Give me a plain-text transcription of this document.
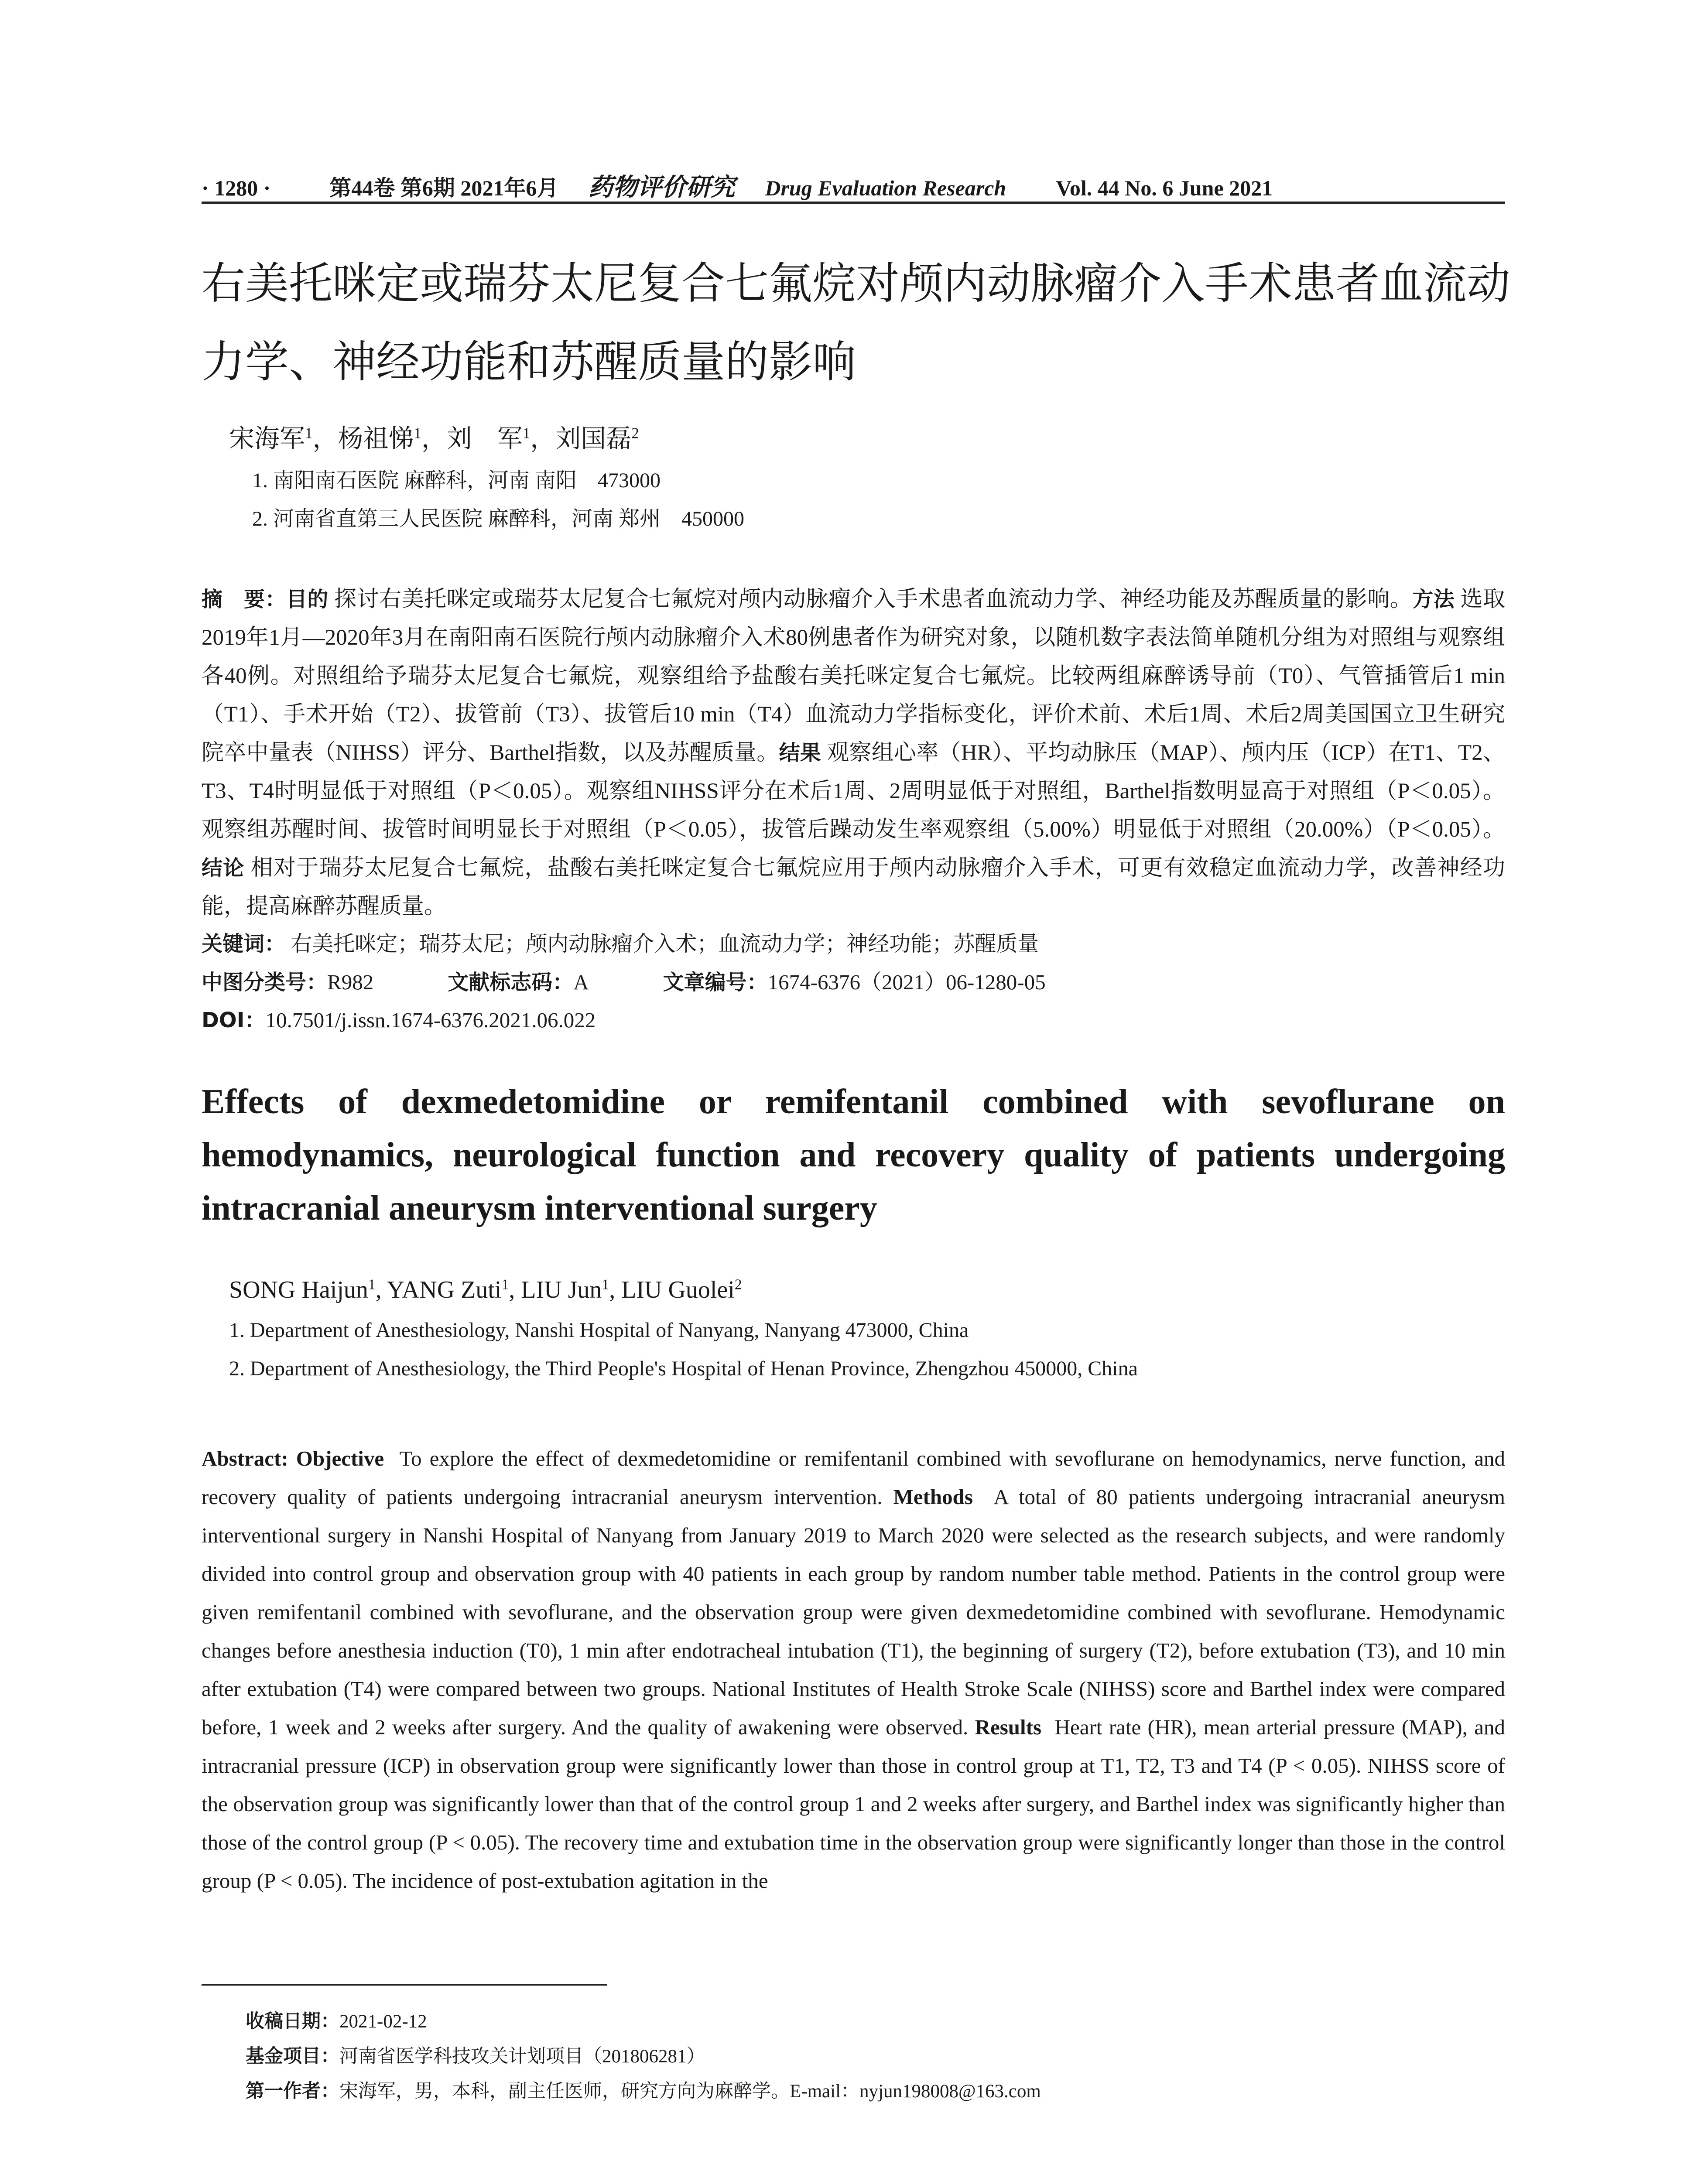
· 1280 ·	第44卷 第6期 2021年6月 药物评价研究 Drug Evaluation Research Vol. 44 No. 6 June 2021
右美托咪定或瑞芬太尼复合七氟烷对颅内动脉瘤介入手术患者血流动力学、神经功能和苏醒质量的影响
宋海军$^1$，杨祖悌$^1$，刘　军$^1$，刘国磊$^2$
1. 南阳南石医院 麻醉科，河南 南阳　473000
2. 河南省直第三人民医院 麻醉科，河南 郑州　450000
摘　要：目的 探讨右美托咪定或瑞芬太尼复合七氟烷对颅内动脉瘤介入手术患者血流动力学、神经功能及苏醒质量的影响。方法 选取2019年1月—2020年3月在南阳南石医院行颅内动脉瘤介入术80例患者作为研究对象，以随机数字表法简单随机分组为对照组与观察组各40例。对照组给予瑞芬太尼复合七氟烷，观察组给予盐酸右美托咪定复合七氟烷。比较两组麻醉诱导前（T0）、气管插管后1 min（T1）、手术开始（T2）、拔管前（T3）、拔管后10 min（T4）血流动力学指标变化，评价术前、术后1周、术后2周美国国立卫生研究院卒中量表（NIHSS）评分、Barthel指数，以及苏醒质量。结果 观察组心率（HR）、平均动脉压（MAP）、颅内压（ICP）在T1、T2、T3、T4时明显低于对照组（P＜0.05）。观察组NIHSS评分在术后1周、2周明显低于对照组，Barthel指数明显高于对照组（P＜0.05）。观察组苏醒时间、拔管时间明显长于对照组（P＜0.05），拔管后躁动发生率观察组（5.00%）明显低于对照组（20.00%）（P＜0.05）。结论 相对于瑞芬太尼复合七氟烷，盐酸右美托咪定复合七氟烷应用于颅内动脉瘤介入手术，可更有效稳定血流动力学，改善神经功能，提高麻醉苏醒质量。
关键词： 右美托咪定；瑞芬太尼；颅内动脉瘤介入术；血流动力学；神经功能；苏醒质量
中图分类号：R982	文献标志码：A	文章编号：1674-6376（2021）06-1280-05
DOI：10.7501/j.issn.1674-6376.2021.06.022
Effects of dexmedetomidine or remifentanil combined with sevoflurane on hemodynamics, neurological function and recovery quality of patients undergoing intracranial aneurysm interventional surgery
SONG Haijun$^1$, YANG Zuti$^1$, LIU Jun$^1$, LIU Guolei$^2$
1. Department of Anesthesiology, Nanshi Hospital of Nanyang, Nanyang 473000, China
2. Department of Anesthesiology, the Third People's Hospital of Henan Province, Zhengzhou 450000, China
Abstract: Objective To explore the effect of dexmedetomidine or remifentanil combined with sevoflurane on hemodynamics, nerve function, and recovery quality of patients undergoing intracranial aneurysm intervention. Methods A total of 80 patients undergoing intracranial aneurysm interventional surgery in Nanshi Hospital of Nanyang from January 2019 to March 2020 were selected as the research subjects, and were randomly divided into control group and observation group with 40 patients in each group by random number table method. Patients in the control group were given remifentanil combined with sevoflurane, and the observation group were given dexmedetomidine combined with sevoflurane. Hemodynamic changes before anesthesia induction (T0), 1 min after endotracheal intubation (T1), the beginning of surgery (T2), before extubation (T3), and 10 min after extubation (T4) were compared between two groups. National Institutes of Health Stroke Scale (NIHSS) score and Barthel index were compared before, 1 week and 2 weeks after surgery. And the quality of awakening were observed. Results Heart rate (HR), mean arterial pressure (MAP), and intracranial pressure (ICP) in observation group were significantly lower than those in control group at T1, T2, T3 and T4 (P < 0.05). NIHSS score of the observation group was significantly lower than that of the control group 1 and 2 weeks after surgery, and Barthel index was significantly higher than those of the control group (P < 0.05). The recovery time and extubation time in the observation group were significantly longer than those in the control group (P < 0.05). The incidence of post-extubation agitation in the
收稿日期：2021-02-12
基金项目：河南省医学科技攻关计划项目（201806281）
第一作者：宋海军，男，本科，副主任医师，研究方向为麻醉学。E-mail：nyjun198008@163.com
